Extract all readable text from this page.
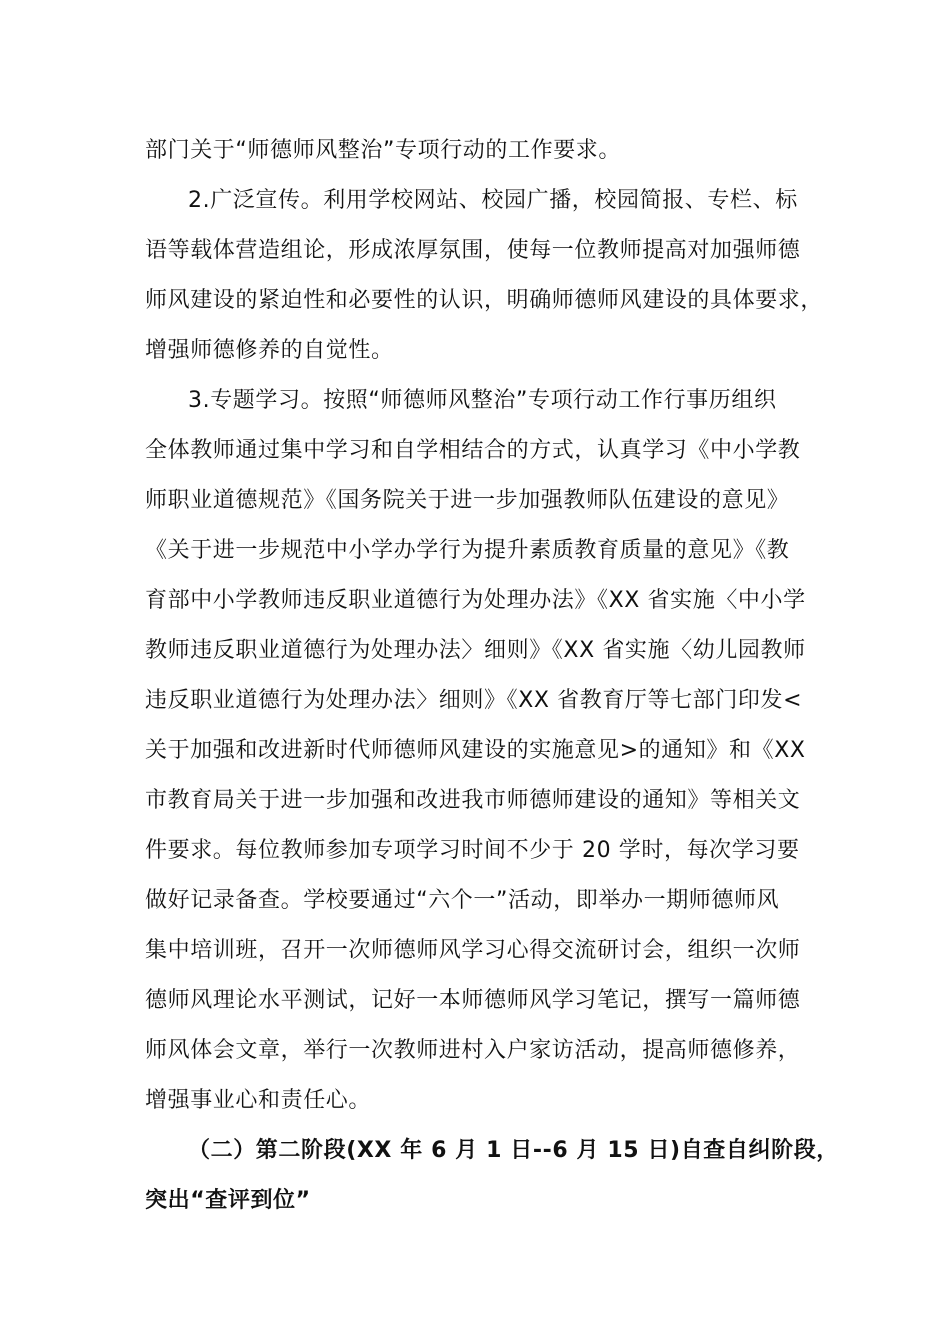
部门关于“师德师风整治”专项行动的工作要求。
2.广泛宣传。利用学校网站、校园广播，校园简报、专栏、标
语等载体营造组论，形成浓厚氛围，使每一位教师提高对加强师德
师风建设的紧迫性和必要性的认识，明确师德师风建设的具体要求，
增强师德修养的自觉性。
3.专题学习。按照“师德师风整治”专项行动工作行事历组织
全体教师通过集中学习和自学相结合的方式，认真学习《中小学教
师职业道德规范》《国务院关于进一步加强教师队伍建设的意见》
《关于进一步规范中小学办学行为提升素质教育质量的意见》《教
育部中小学教师违反职业道德行为处理办法》《XX 省实施〈中小学
教师违反职业道德行为处理办法〉细则》《XX 省实施〈幼儿园教师
违反职业道德行为处理办法〉细则》《XX 省教育厅等七部门印发<
关于加强和改进新时代师德师风建设的实施意见>的通知》和《XX
市教育局关于进一步加强和改进我市师德师建设的通知》等相关文
件要求。每位教师参加专项学习时间不少于 20 学时，每次学习要
做好记录备查。学校要通过“六个一”活动，即举办一期师德师风
集中培训班，召开一次师德师风学习心得交流研讨会，组织一次师
德师风理论水平测试，记好一本师德师风学习笔记，撰写一篇师德
师风体会文章，举行一次教师进村入户家访活动，提高师德修养，
增强事业心和责任心。
（二）第二阶段(XX 年 6 月 1 日--6 月 15 日)自查自纠阶段，
突出“查评到位”
